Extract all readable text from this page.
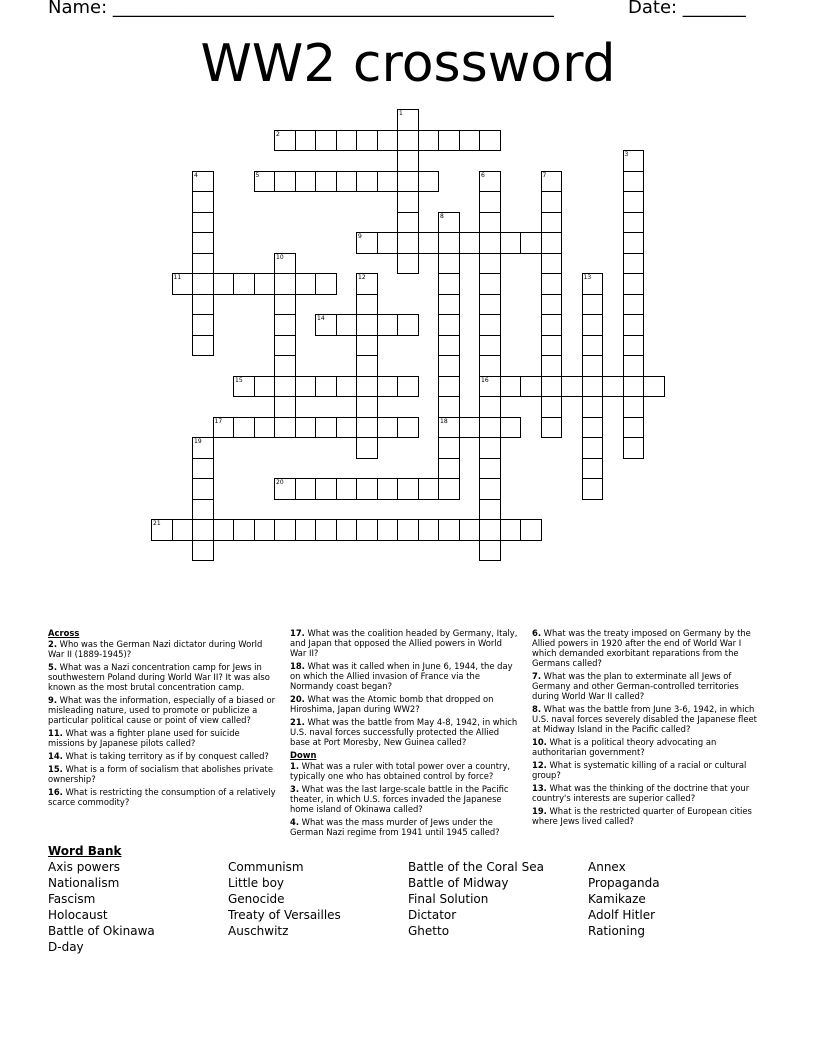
Name: _________________________________________________	Date: _______
WW2 crossword
1
2
3
4	5	6	7
8
9
10
11	12	13
14
15	16
17	18
19
20
21

Across

2. Who was the German Nazi dictator during World War II (1889-1945)?

5. What was a Nazi concentration camp for Jews in southwestern Poland during World War II? It was also known as the most brutal concentration camp.

9. What was the information, especially of a biased or misleading nature, used to promote or publicize a particular political cause or point of view called?

11. What was a fighter plane used for suicide missions by Japanese pilots called?

14. What is taking territory as if by conquest called?

15. What is a form of socialism that abolishes private ownership?

16. What is restricting the consumption of a relatively scarce commodity?

17. What was the coalition headed by Germany, Italy, and Japan that opposed the Allied powers in World War II?

18. What was it called when in June 6, 1944, the day on which the Allied invasion of France via the Normandy coast began?

20. What was the Atomic bomb that dropped on Hiroshima, Japan during WW2?

21. What was the battle from May 4-8, 1942, in which U.S. naval forces successfully protected the Allied base at Port Moresby, New Guinea called?

Down

1. What was a ruler with total power over a country, typically one who has obtained control by force?

3. What was the last large-scale battle in the Pacific theater, in which U.S. forces invaded the Japanese home island of Okinawa called?

4. What was the mass murder of Jews under the German Nazi regime from 1941 until 1945 called?

6. What was the treaty imposed on Germany by the Allied powers in 1920 after the end of World War I which demanded exorbitant reparations from the Germans called?

7. What was the plan to exterminate all Jews of Germany and other German-controlled territories during World War II called?

8. What was the battle from June 3-6, 1942, in which U.S. naval forces severely disabled the Japanese fleet at Midway Island in the Pacific called?

10. What is a political theory advocating an authoritarian government?

12. What is systematic killing of a racial or cultural group?

13. What was the thinking of the doctrine that your country's interests are superior called?

19. What is the restricted quarter of European cities where Jews lived called?

Word Bank
Axis powers
Nationalism
Fascism
Holocaust
Battle of Okinawa
D-day
Communism
Little boy
Genocide
Treaty of Versailles
Auschwitz
Battle of the Coral Sea
Battle of Midway
Final Solution
Dictator
Ghetto
Annex
Propaganda
Kamikaze
Adolf Hitler
Rationing
